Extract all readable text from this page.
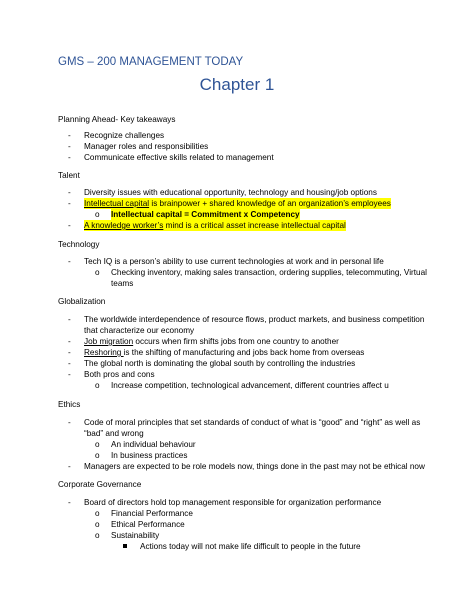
GMS – 200 MANAGEMENT TODAY
Chapter 1
Planning Ahead- Key takeaways
- Recognize challenges
- Manager roles and responsibilities
- Communicate effective skills related to management
Talent
- Diversity issues with educational opportunity, technology and housing/job options
- Intellectual capital is brainpower + shared knowledge of an organization’s employees
o Intellectual capital = Commitment x Competency
- A knowledge worker’s mind is a critical asset increase intellectual capital
Technology
- Tech IQ is a person’s ability to use current technologies at work and in personal life
o Checking inventory, making sales transaction, ordering supplies, telecommuting, Virtual
teams
Globalization
- The worldwide interdependence of resource flows, product markets, and business competition
that characterize our economy
- Job migration occurs when firm shifts jobs from one country to another
- Reshoring is the shifting of manufacturing and jobs back home from overseas
- The global north is dominating the global south by controlling the industries
- Both pros and cons
o Increase competition, technological advancement, different countries affect u
Ethics
- Code of moral principles that set standards of conduct of what is “good” and “right” as well as
“bad” and wrong
o An individual behaviour
o In business practices
- Managers are expected to be role models now, things done in the past may not be ethical now
Corporate Governance
- Board of directors hold top management responsible for organization performance
o Financial Performance
o Ethical Performance
o Sustainability
Actions today will not make life difficult to people in the future
